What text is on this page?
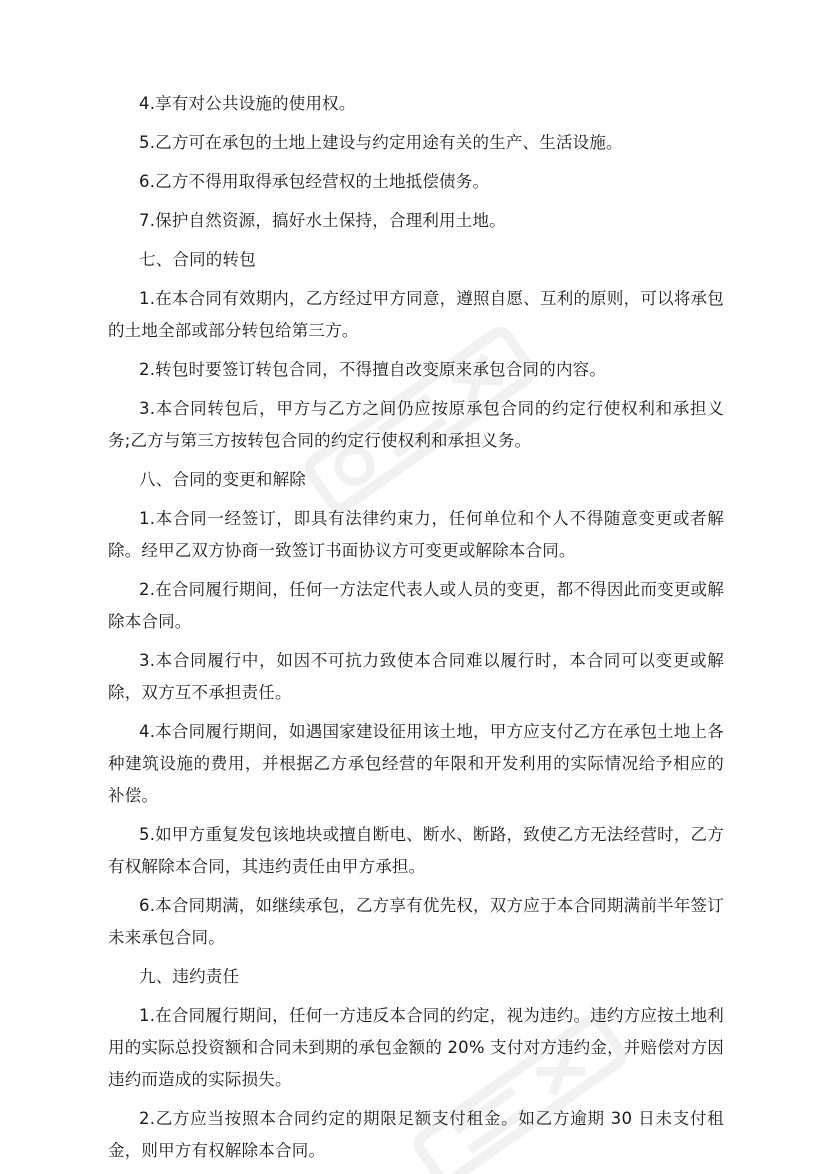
4.享有对公共设施的使用权。

5.乙方可在承包的土地上建设与约定用途有关的生产、生活设施。

6.乙方不得用取得承包经营权的土地抵偿债务。

7.保护自然资源，搞好水土保持，合理利用土地。

七、合同的转包

1.在本合同有效期内，乙方经过甲方同意，遵照自愿、互利的原则，可以将承包的土地全部或部分转包给第三方。

2.转包时要签订转包合同，不得擅自改变原来承包合同的内容。

3.本合同转包后，甲方与乙方之间仍应按原承包合同的约定行使权利和承担义务;乙方与第三方按转包合同的约定行使权利和承担义务。

八、合同的变更和解除

1.本合同一经签订，即具有法律约束力，任何单位和个人不得随意变更或者解除。经甲乙双方协商一致签订书面协议方可变更或解除本合同。

2.在合同履行期间，任何一方法定代表人或人员的变更，都不得因此而变更或解除本合同。

3.本合同履行中，如因不可抗力致使本合同难以履行时，本合同可以变更或解除，双方互不承担责任。

4.本合同履行期间，如遇国家建设征用该土地，甲方应支付乙方在承包土地上各种建筑设施的费用，并根据乙方承包经营的年限和开发利用的实际情况给予相应的补偿。

5.如甲方重复发包该地块或擅自断电、断水、断路，致使乙方无法经营时，乙方有权解除本合同，其违约责任由甲方承担。

6.本合同期满，如继续承包，乙方享有优先权，双方应于本合同期满前半年签订未来承包合同。

九、违约责任

1.在合同履行期间，任何一方违反本合同的约定，视为违约。违约方应按土地利用的实际总投资额和合同未到期的承包金额的 20% 支付对方违约金，并赔偿对方因违约而造成的实际损失。

2.乙方应当按照本合同约定的期限足额支付租金。如乙方逾期 30 日未支付租金，则甲方有权解除本合同。
